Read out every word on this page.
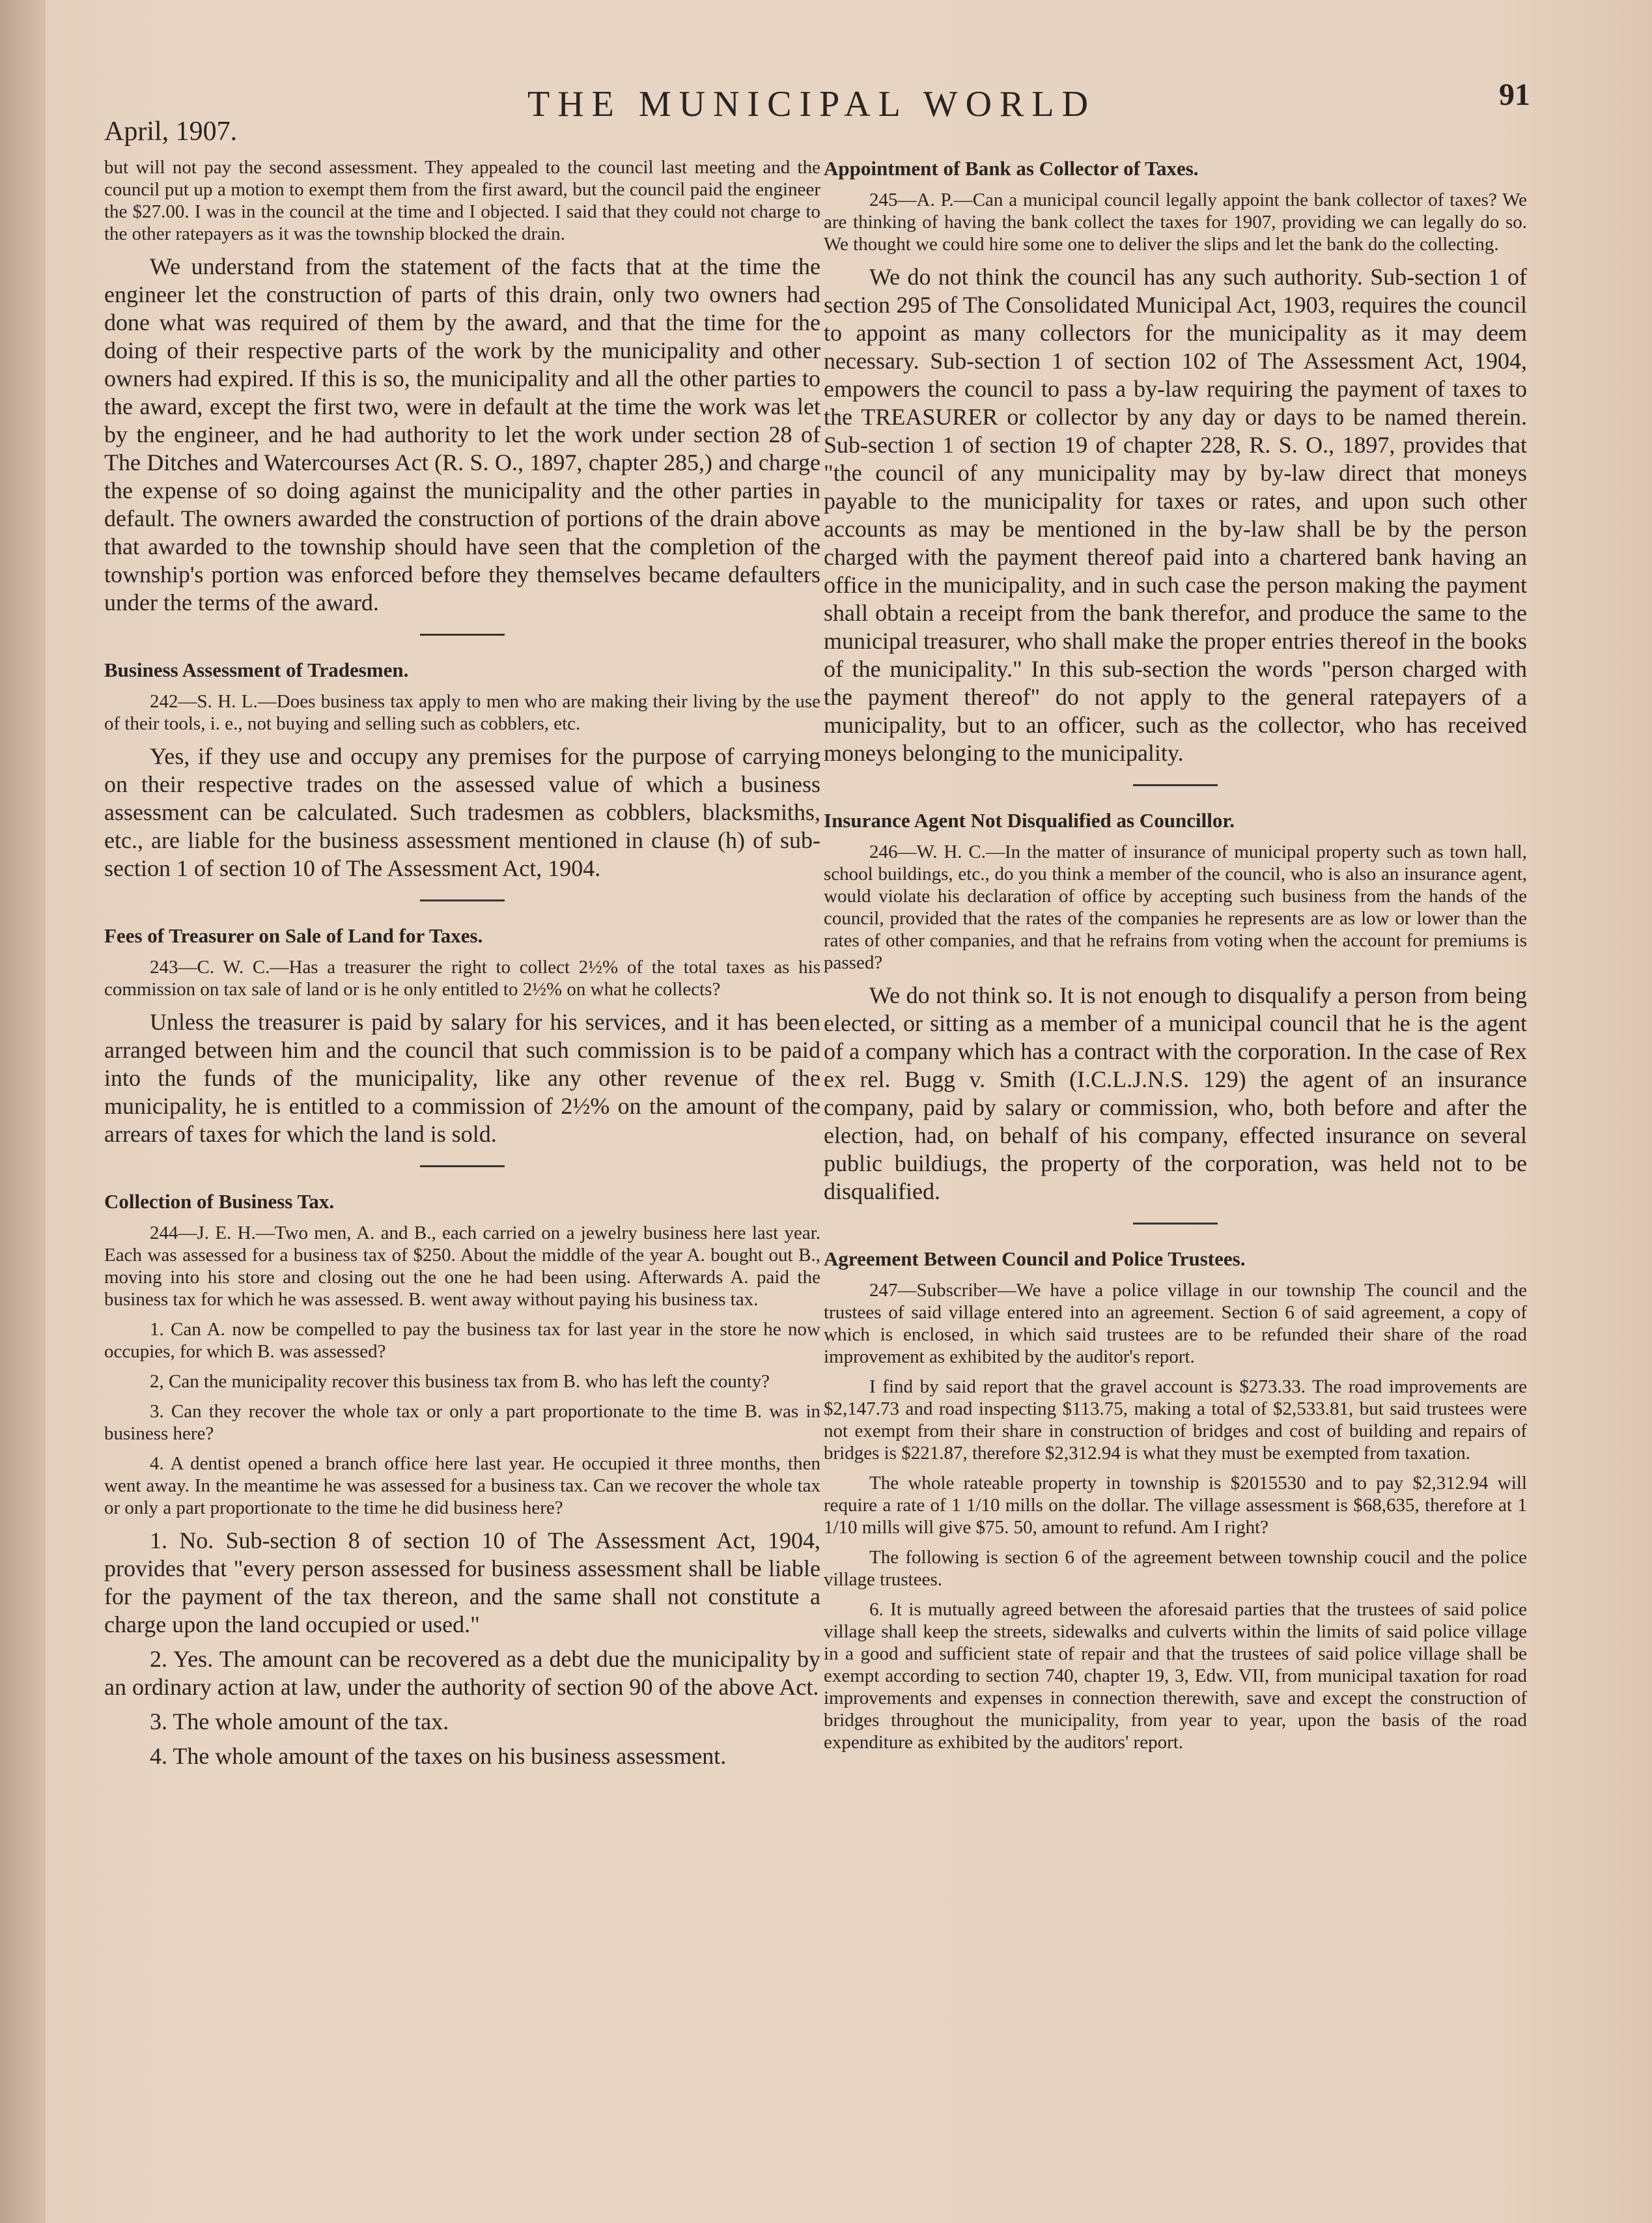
April, 1907.
THE MUNICIPAL WORLD	91

but will not pay the second assessment. They appealed to the council last meeting and the council put up a motion to exempt them from the first award, but the council paid the engineer the $27.00. I was in the council at the time and I objected. I said that they could not charge to the other ratepayers as it was the township blocked the drain.

We understand from the statement of the facts that at the time the engineer let the construction of parts of this drain, only two owners had done what was required of them by the award, and that the time for the doing of their respective parts of the work by the municipality and other owners had expired. If this is so, the municipality and all the other parties to the award, except the first two, were in default at the time the work was let by the engineer, and he had authority to let the work under section 28 of The Ditches and Watercourses Act (R. S. O., 1897, chapter 285,) and charge the expense of so doing against the municipality and the other parties in default. The owners awarded the construction of portions of the drain above that awarded to the township should have seen that the completion of the township's portion was enforced before they themselves became defaulters under the terms of the award.

Business Assessment of Tradesmen.

242—S. H. L.—Does business tax apply to men who are making their living by the use of their tools, i. e., not buying and selling such as cobblers, etc.

Yes, if they use and occupy any premises for the purpose of carrying on their respective trades on the assessed value of which a business assessment can be calculated. Such tradesmen as cobblers, blacksmiths, etc., are liable for the business assessment mentioned in clause (h) of sub-section 1 of section 10 of The Assessment Act, 1904.

Fees of Treasurer on Sale of Land for Taxes.

243—C. W. C.—Has a treasurer the right to collect 2½% of the total taxes as his commission on tax sale of land or is he only entitled to 2½% on what he collects?

Unless the treasurer is paid by salary for his services, and it has been arranged between him and the council that such commission is to be paid into the funds of the municipality, like any other revenue of the municipality, he is entitled to a commission of 2½% on the amount of the arrears of taxes for which the land is sold.

Collection of Business Tax.

244—J. E. H.—Two men, A. and B., each carried on a jewelry business here last year. Each was assessed for a business tax of $250. About the middle of the year A. bought out B., moving into his store and closing out the one he had been using. Afterwards A. paid the business tax for which he was assessed. B. went away without paying his business tax.

1. Can A. now be compelled to pay the business tax for last year in the store he now occupies, for which B. was assessed?

2, Can the municipality recover this business tax from B. who has left the county?

3. Can they recover the whole tax or only a part proportionate to the time B. was in business here?

4. A dentist opened a branch office here last year. He occupied it three months, then went away. In the meantime he was assessed for a business tax. Can we recover the whole tax or only a part proportionate to the time he did business here?

1. No. Sub-section 8 of section 10 of The Assessment Act, 1904, provides that "every person assessed for business assessment shall be liable for the payment of the tax thereon, and the same shall not constitute a charge upon the land occupied or used."

2. Yes. The amount can be recovered as a debt due the municipality by an ordinary action at law, under the authority of section 90 of the above Act.

3. The whole amount of the tax.

4. The whole amount of the taxes on his business assessment.

Appointment of Bank as Collector of Taxes.

245—A. P.—Can a municipal council legally appoint the bank collector of taxes? We are thinking of having the bank collect the taxes for 1907, providing we can legally do so. We thought we could hire some one to deliver the slips and let the bank do the collecting.

We do not think the council has any such authority. Sub-section 1 of section 295 of The Consolidated Municipal Act, 1903, requires the council to appoint as many collectors for the municipality as it may deem necessary. Sub-section 1 of section 102 of The Assessment Act, 1904, empowers the council to pass a by-law requiring the payment of taxes to the TREASURER or collector by any day or days to be named therein. Sub-section 1 of section 19 of chapter 228, R. S. O., 1897, provides that "the council of any municipality may by by-law direct that moneys payable to the municipality for taxes or rates, and upon such other accounts as may be mentioned in the by-law shall be by the person charged with the payment thereof paid into a chartered bank having an office in the municipality, and in such case the person making the payment shall obtain a receipt from the bank therefor, and produce the same to the municipal treasurer, who shall make the proper entries thereof in the books of the municipality." In this sub-section the words "person charged with the payment thereof" do not apply to the general ratepayers of a municipality, but to an officer, such as the collector, who has received moneys belonging to the municipality.

Insurance Agent Not Disqualified as Councillor.

246—W. H. C.—In the matter of insurance of municipal property such as town hall, school buildings, etc., do you think a member of the council, who is also an insurance agent, would violate his declaration of office by accepting such business from the hands of the council, provided that the rates of the companies he represents are as low or lower than the rates of other companies, and that he refrains from voting when the account for premiums is passed?

We do not think so. It is not enough to disqualify a person from being elected, or sitting as a member of a municipal council that he is the agent of a company which has a contract with the corporation. In the case of Rex ex rel. Bugg v. Smith (I.C.L.J.N.S. 129) the agent of an insurance company, paid by salary or commission, who, both before and after the election, had, on behalf of his company, effected insurance on several public buildiugs, the property of the corporation, was held not to be disqualified.

Agreement Between Council and Police Trustees.

247—Subscriber—We have a police village in our township The council and the trustees of said village entered into an agreement. Section 6 of said agreement, a copy of which is enclosed, in which said trustees are to be refunded their share of the road improvement as exhibited by the auditor's report.

I find by said report that the gravel account is $273.33. The road improvements are $2,147.73 and road inspecting $113.75, making a total of $2,533.81, but said trustees were not exempt from their share in construction of bridges and cost of building and repairs of bridges is $221.87, therefore $2,312.94 is what they must be exempted from taxation.

The whole rateable property in township is $2015530 and to pay $2,312.94 will require a rate of 1 1/10 mills on the dollar. The village assessment is $68,635, therefore at 1 1/10 mills will give $75. 50, amount to refund. Am I right?

The following is section 6 of the agreement between township coucil and the police village trustees.

6. It is mutually agreed between the aforesaid parties that the trustees of said police village shall keep the streets, sidewalks and culverts within the limits of said police village in a good and sufficient state of repair and that the trustees of said police village shall be exempt according to section 740, chapter 19, 3, Edw. VII, from municipal taxation for road improvements and expenses in connection therewith, save and except the construction of bridges throughout the municipality, from year to year, upon the basis of the road expenditure as exhibited by the auditors' report.
